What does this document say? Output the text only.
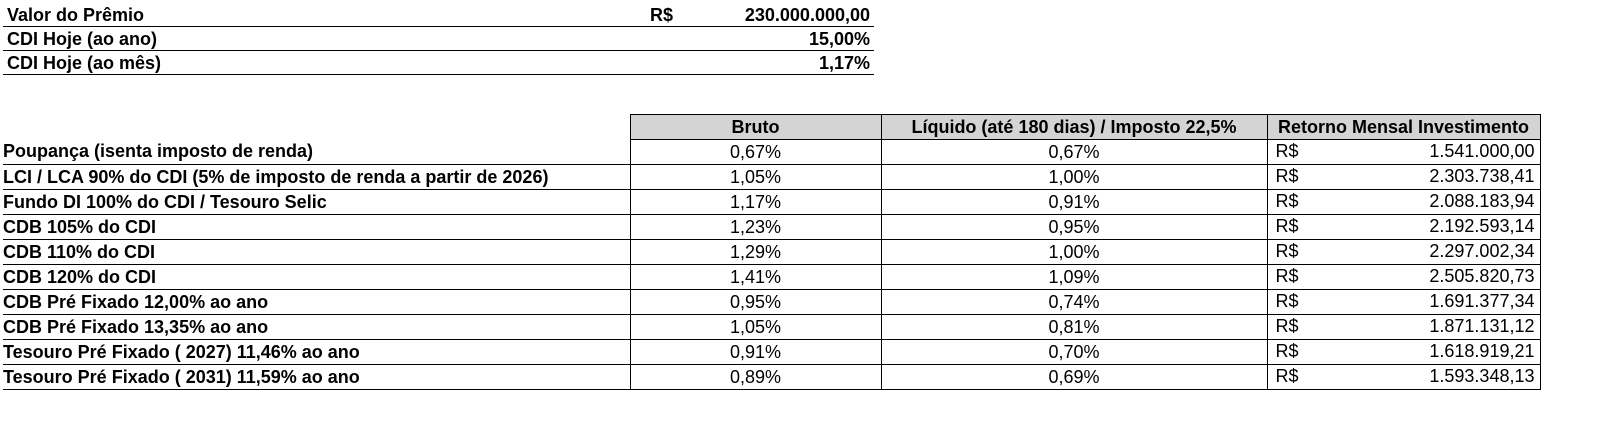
Valor do Prêmio	R$	230.000.000,00
CDI Hoje (ao ano)	15,00%
CDI Hoje (ao mês)	1,17%
	Bruto	Líquido (até 180 dias) / Imposto 22,5%	Retorno Mensal Investimento
Poupança (isenta imposto de renda)	0,67%	0,67%	R$ 1.541.000,00

LCI / LCA 90% do CDI (5% de imposto de renda a partir de 2026)	1,05%	1,00%	R$ 2.303.738,41

Fundo DI 100% do CDI / Tesouro Selic	1,17%	0,91%	R$ 2.088.183,94

CDB 105% do CDI	1,23%	0,95%	R$ 2.192.593,14

CDB 110% do CDI	1,29%	1,00%	R$ 2.297.002,34

CDB 120% do CDI	1,41%	1,09%	R$ 2.505.820,73

CDB Pré Fixado 12,00% ao ano	0,95%	0,74%	R$ 1.691.377,34

CDB Pré Fixado 13,35% ao ano	1,05%	0,81%	R$ 1.871.131,12

Tesouro Pré Fixado ( 2027) 11,46% ao ano	0,91%	0,70%	R$ 1.618.919,21

Tesouro Pré Fixado ( 2031) 11,59% ao ano	0,89%	0,69%	R$ 1.593.348,13
